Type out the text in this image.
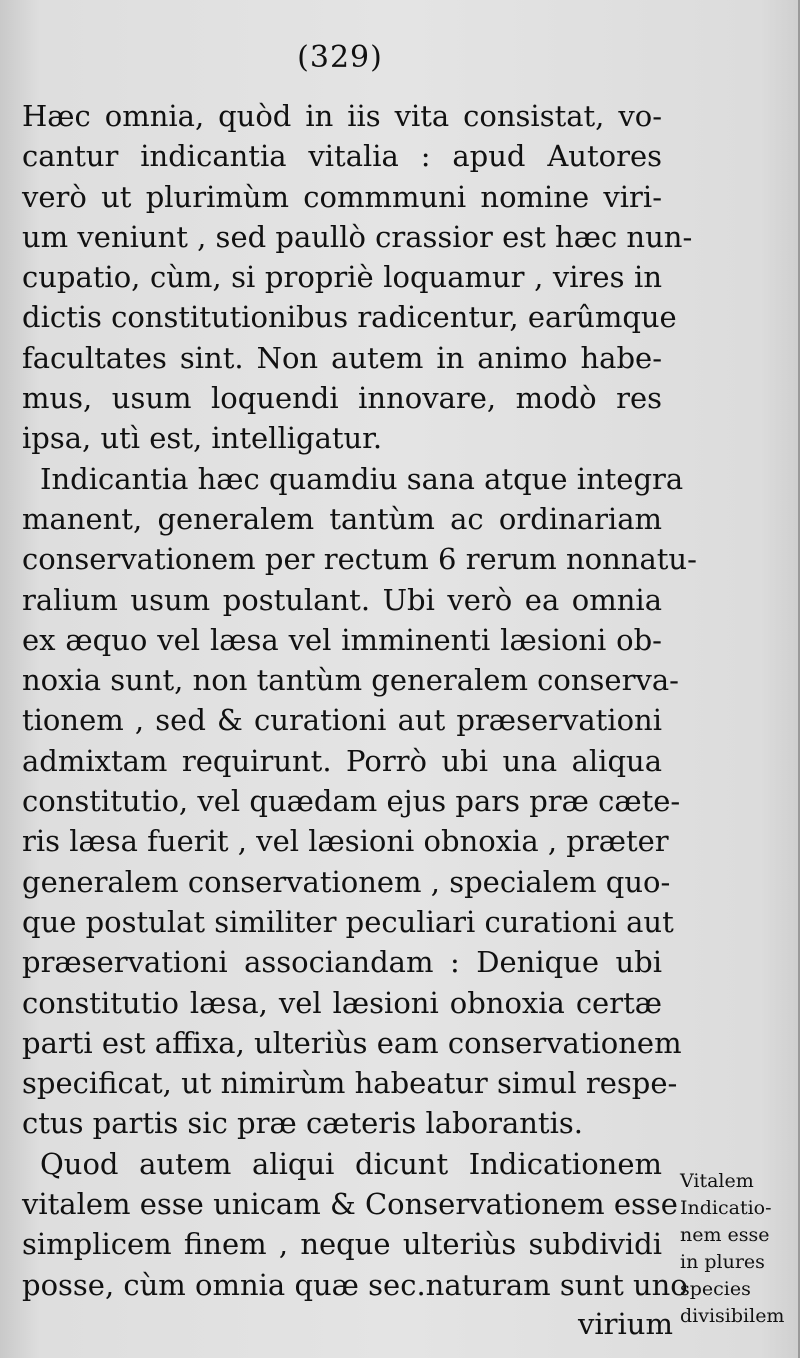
(329)
Hæc omnia, quòd in iis vita consistat, vo-
cantur indicantia vitalia : apud Autores
verò ut plurimùm commmuni nomine viri-
um veniunt , sed paullò crassior est hæc nun-
cupatio, cùm, si propriè loquamur , vires in
dictis constitutionibus radicentur, earûmque
facultates sint. Non autem in animo habe-
mus, usum loquendi innovare, modò res
ipsa, utì est, intelligatur.
Indicantia hæc quamdiu sana atque integra
manent, generalem tantùm ac ordinariam
conservationem per rectum 6 rerum nonnatu-
ralium usum postulant. Ubi verò ea omnia
ex æquo vel læsa vel imminenti læsioni ob-
noxia sunt, non tantùm generalem conserva-
tionem , sed & curationi aut præservationi
admixtam requirunt. Porrò ubi una aliqua
constitutio, vel quædam ejus pars præ cæte-
ris læsa fuerit , vel læsioni obnoxia , præter
generalem conservationem , specialem quo-
que postulat similiter peculiari curationi aut
præservationi associandam : Denique ubi
constitutio læsa, vel læsioni obnoxia certæ
parti est affixa, ulteriùs eam conservationem
specificat, ut nimirùm habeatur simul respe-
ctus partis sic præ cæteris laborantis.
Quod autem aliqui dicunt Indicationem
vitalem esse unicam & Conservationem esse
simplicem finem , neque ulteriùs subdividi
posse, cùm omnia quæ sec.naturam sunt uno
virium
Vitalem
Indicatio-
nem esse
in plures
species
divisibilem
